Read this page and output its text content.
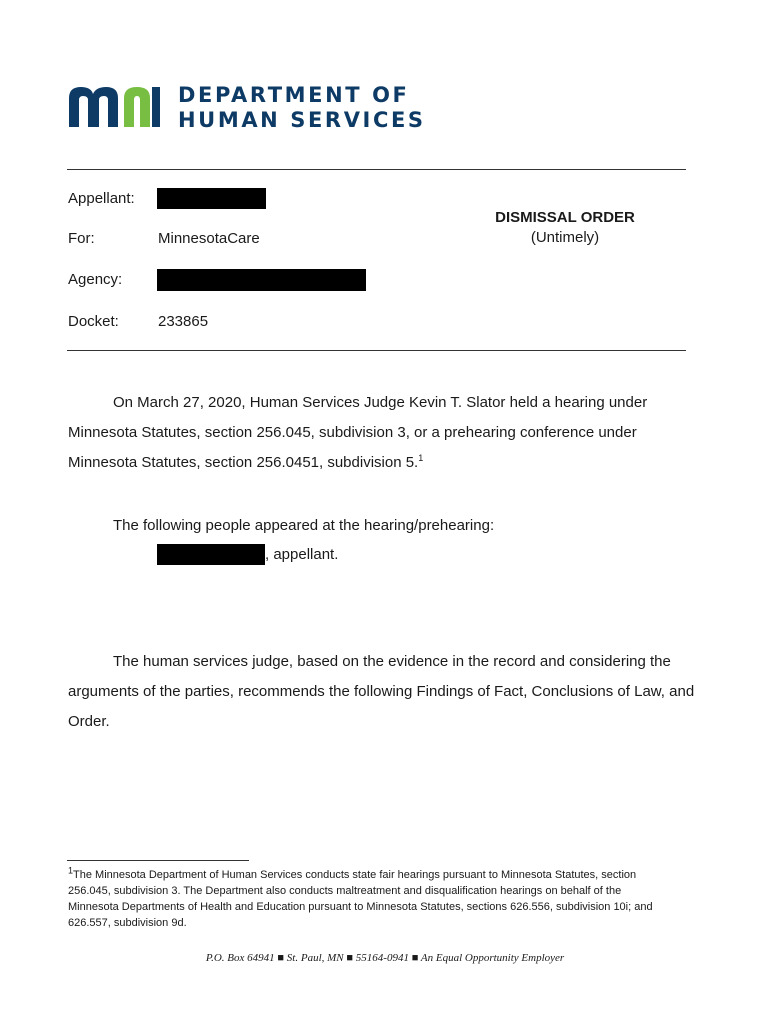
DEPARTMENT OF
HUMAN SERVICES
Appellant:
For:	MinnesotaCare
Agency:
Docket:	233865
DISMISSAL ORDER
(Untimely)
On March 27, 2020, Human Services Judge Kevin T. Slator held a hearing under
Minnesota Statutes, section 256.045, subdivision 3, or a prehearing conference under
Minnesota Statutes, section 256.0451, subdivision 5.$^1$
The following people appeared at the hearing/prehearing:
, appellant.
The human services judge, based on the evidence in the record and considering the
arguments of the parties, recommends the following Findings of Fact, Conclusions of Law, and
Order.
$^1$The Minnesota Department of Human Services conducts state fair hearings pursuant to Minnesota Statutes, section
256.045, subdivision 3. The Department also conducts maltreatment and disqualification hearings on behalf of the
Minnesota Departments of Health and Education pursuant to Minnesota Statutes, sections 626.556, subdivision 10i; and
626.557, subdivision 9d.
P.O. Box 64941 ■ St. Paul, MN ■ 55164-0941 ■ An Equal Opportunity Employer
